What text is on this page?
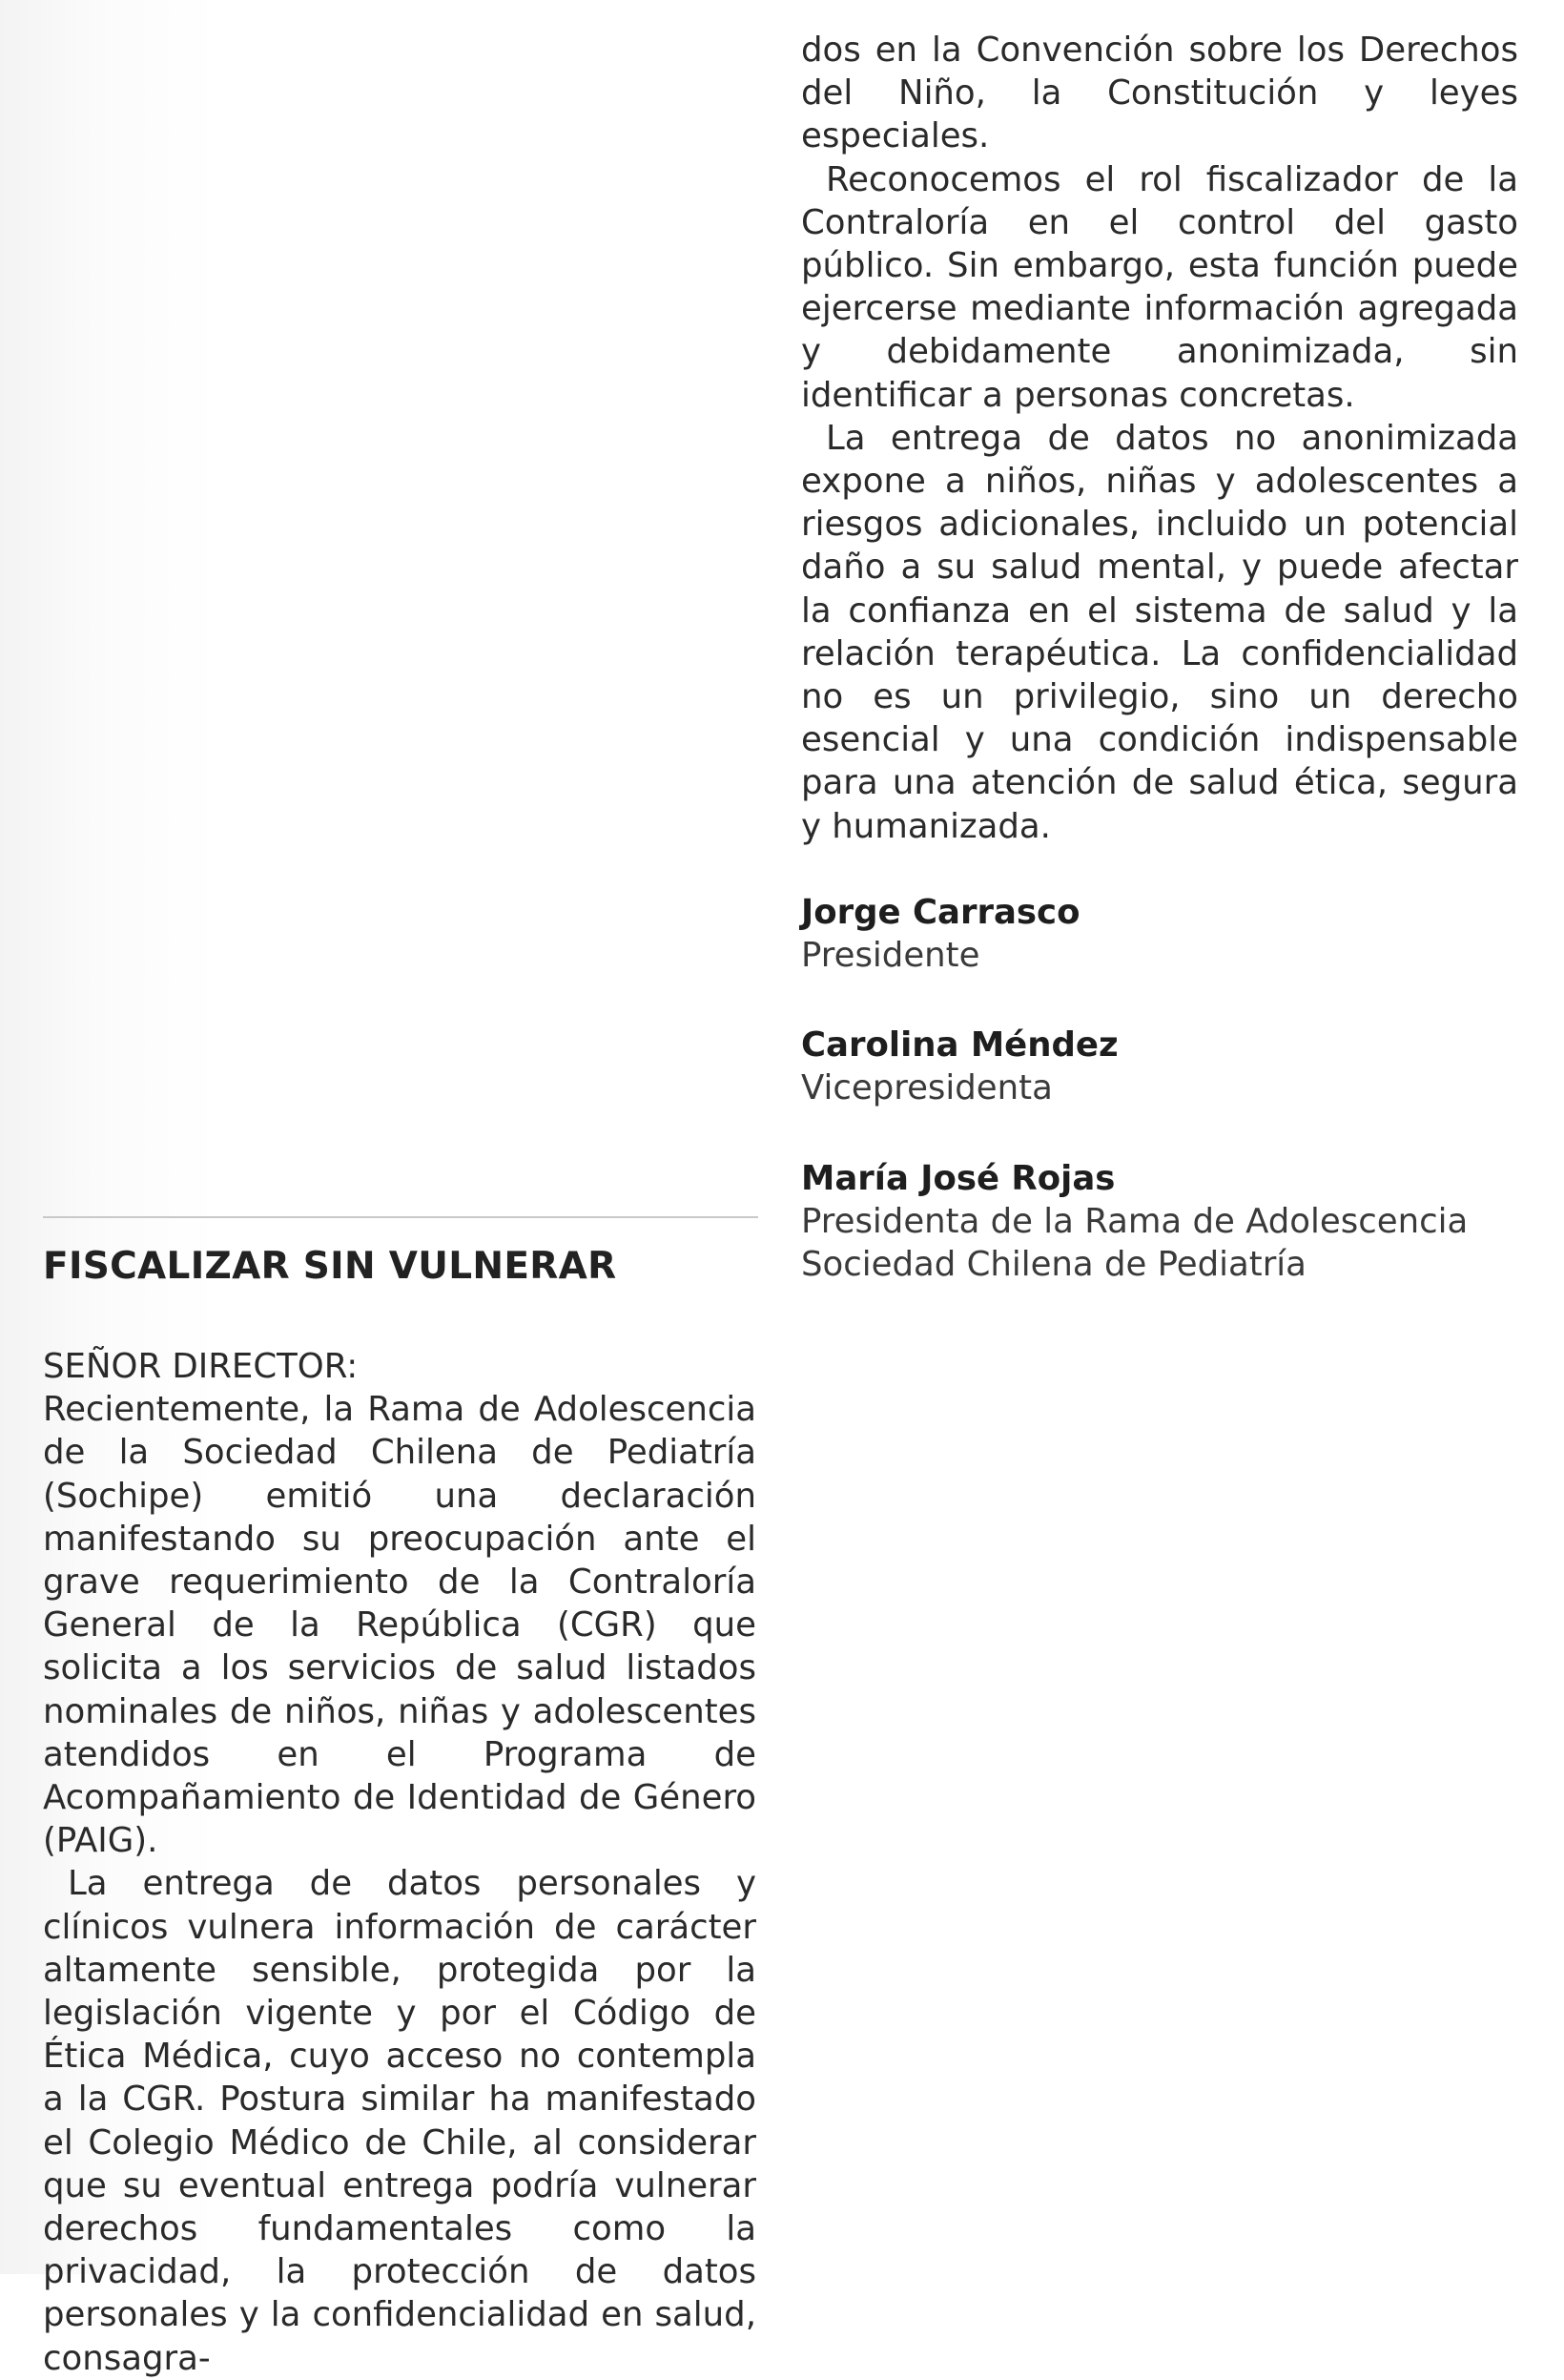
dos en la Convención sobre los Derechos del Niño, la Constitución y leyes especiales.

Reconocemos el rol fiscalizador de la Contraloría en el control del gasto público. Sin embargo, esta función puede ejercerse mediante información agregada y debidamente anonimizada, sin identificar a personas concretas.

La entrega de datos no anonimizada expone a niños, niñas y adolescentes a riesgos adicionales, incluido un potencial daño a su salud mental, y puede afectar la confianza en el sistema de salud y la relación terapéutica. La confidencialidad no es un privilegio, sino un derecho esencial y una condición indispensable para una atención de salud ética, segura y humanizada.

Jorge Carrasco
Presidente
Carolina Méndez
Vicepresidenta
María José Rojas
Presidenta de la Rama de Adolescencia
Sociedad Chilena de Pediatría
FISCALIZAR SIN VULNERAR
SEÑOR DIRECTOR:

Recientemente, la Rama de Adolescencia de la Sociedad Chilena de Pediatría (Sochipe) emitió una declaración manifestando su preocupación ante el grave requerimiento de la Contraloría General de la República (CGR) que solicita a los servicios de salud listados nominales de niños, niñas y adolescentes atendidos en el Programa de Acompañamiento de Identidad de Género (PAIG).

La entrega de datos personales y clínicos vulnera información de carácter altamente sensible, protegida por la legislación vigente y por el Código de Ética Médica, cuyo acceso no contempla a la CGR. Postura similar ha manifestado el Colegio Médico de Chile, al considerar que su eventual entrega podría vulnerar derechos fundamentales como la privacidad, la protección de datos personales y la confidencialidad en salud, consagra-
